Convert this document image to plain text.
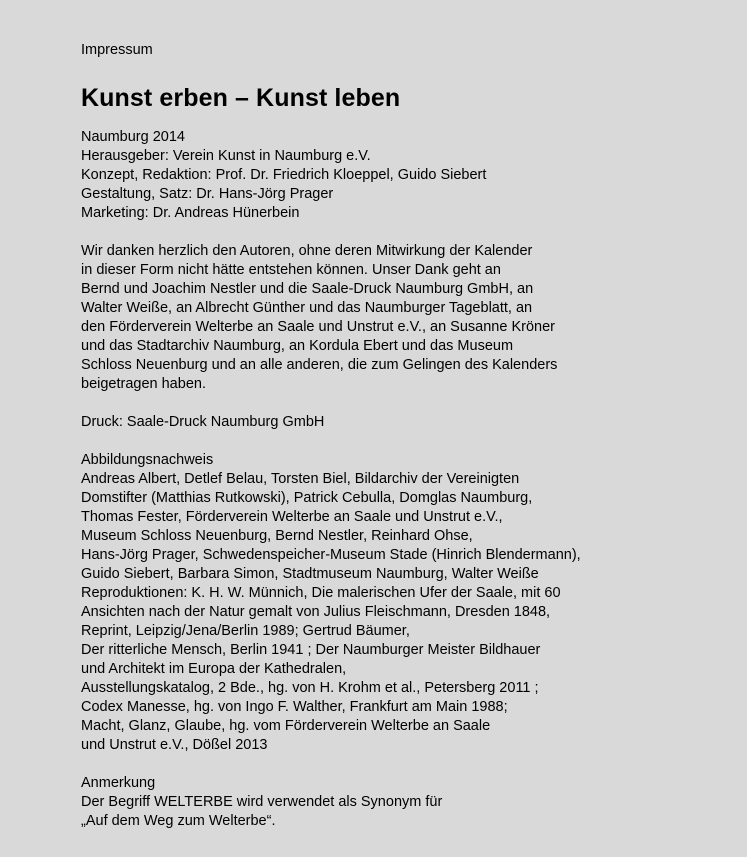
Impressum

Kunst erben – Kunst leben
Naumburg 2014
Herausgeber: Verein Kunst in Naumburg e.V.
Konzept, Redaktion: Prof. Dr. Friedrich Kloeppel, Guido Siebert
Gestaltung, Satz: Dr. Hans-Jörg Prager
Marketing: Dr. Andreas Hünerbein
Wir danken herzlich den Autoren, ohne deren Mitwirkung der Kalender
in dieser Form nicht hätte entstehen können. Unser Dank geht an
Bernd und Joachim Nestler und die Saale-Druck Naumburg GmbH, an
Walter Weiße, an Albrecht Günther und das Naumburger Tageblatt, an
den Förderverein Welterbe an Saale und Unstrut e.V., an Susanne Kröner
und das Stadtarchiv Naumburg, an Kordula Ebert und das Museum
Schloss Neuenburg und an alle anderen, die zum Gelingen des Kalenders
beigetragen haben.
Druck: Saale-Druck Naumburg GmbH
Abbildungsnachweis
Andreas Albert, Detlef Belau, Torsten Biel, Bildarchiv der Vereinigten
Domstifter (Matthias Rutkowski), Patrick Cebulla, Domglas Naumburg,
Thomas Fester, Förderverein Welterbe an Saale und Unstrut e.V.,
Museum Schloss Neuenburg, Bernd Nestler, Reinhard Ohse,
Hans-Jörg Prager, Schwedenspeicher-Museum Stade (Hinrich Blendermann),
Guido Siebert, Barbara Simon, Stadtmuseum Naumburg, Walter Weiße
Reproduktionen: K. H. W. Münnich, Die malerischen Ufer der Saale, mit 60
Ansichten nach der Natur gemalt von Julius Fleischmann, Dresden 1848,
Reprint, Leipzig/Jena/Berlin 1989; Gertrud Bäumer,
Der ritterliche Mensch, Berlin 1941 ; Der Naumburger Meister Bildhauer
und Architekt im Europa der Kathedralen,
Ausstellungskatalog, 2 Bde., hg. von H. Krohm et al., Petersberg 2011 ;
Codex Manesse, hg. von Ingo F. Walther, Frankfurt am Main 1988;
Macht, Glanz, Glaube, hg. vom Förderverein Welterbe an Saale
und Unstrut e.V., Dößel 2013
Anmerkung
Der Begriff WELTERBE wird verwendet als Synonym für
„Auf dem Weg zum Welterbe“.
